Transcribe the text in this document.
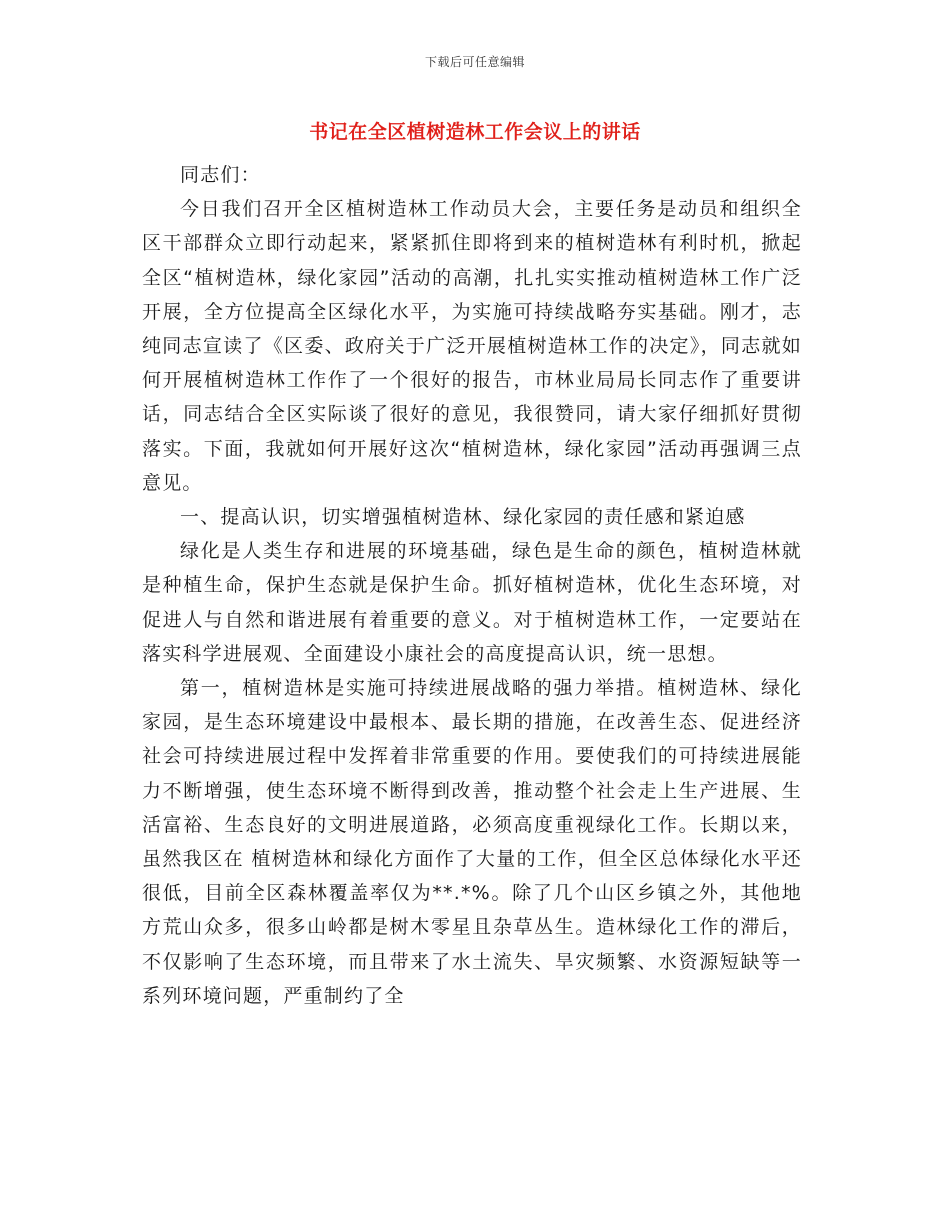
下载后可任意编辑
书记在全区植树造林工作会议上的讲话

同志们：

今日我们召开全区植树造林工作动员大会，主要任务是动员和组织全区干部群众立即行动起来，紧紧抓住即将到来的植树造林有利时机，掀起全区“植树造林，绿化家园”活动的高潮，扎扎实实推动植树造林工作广泛开展，全方位提高全区绿化水平，为实施可持续战略夯实基础。刚才，志纯同志宣读了《区委、政府关于广泛开展植树造林工作的决定》，同志就如何开展植树造林工作作了一个很好的报告，市林业局局长同志作了重要讲话，同志结合全区实际谈了很好的意见，我很赞同，请大家仔细抓好贯彻落实。下面，我就如何开展好这次“植树造林，绿化家园”活动再强调三点意见。

一、提高认识，切实增强植树造林、绿化家园的责任感和紧迫感

绿化是人类生存和进展的环境基础，绿色是生命的颜色，植树造林就是种植生命，保护生态就是保护生命。抓好植树造林，优化生态环境，对促进人与自然和谐进展有着重要的意义。对于植树造林工作，一定要站在落实科学进展观、全面建设小康社会的高度提高认识，统一思想。

第一，植树造林是实施可持续进展战略的强力举措。植树造林、绿化家园，是生态环境建设中最根本、最长期的措施，在改善生态、促进经济社会可持续进展过程中发挥着非常重要的作用。要使我们的可持续进展能力不断增强，使生态环境不断得到改善，推动整个社会走上生产进展、生活富裕、生态良好的文明进展道路，必须高度重视绿化工作。长期以来，虽然我区在 植树造林和绿化方面作了大量的工作，但全区总体绿化水平还很低，目前全区森林覆盖率仅为**.*%。除了几个山区乡镇之外，其他地方荒山众多，很多山岭都是树木零星且杂草丛生。造林绿化工作的滞后，不仅影响了生态环境，而且带来了水土流失、旱灾频繁、水资源短缺等一系列环境问题，严重制约了全
